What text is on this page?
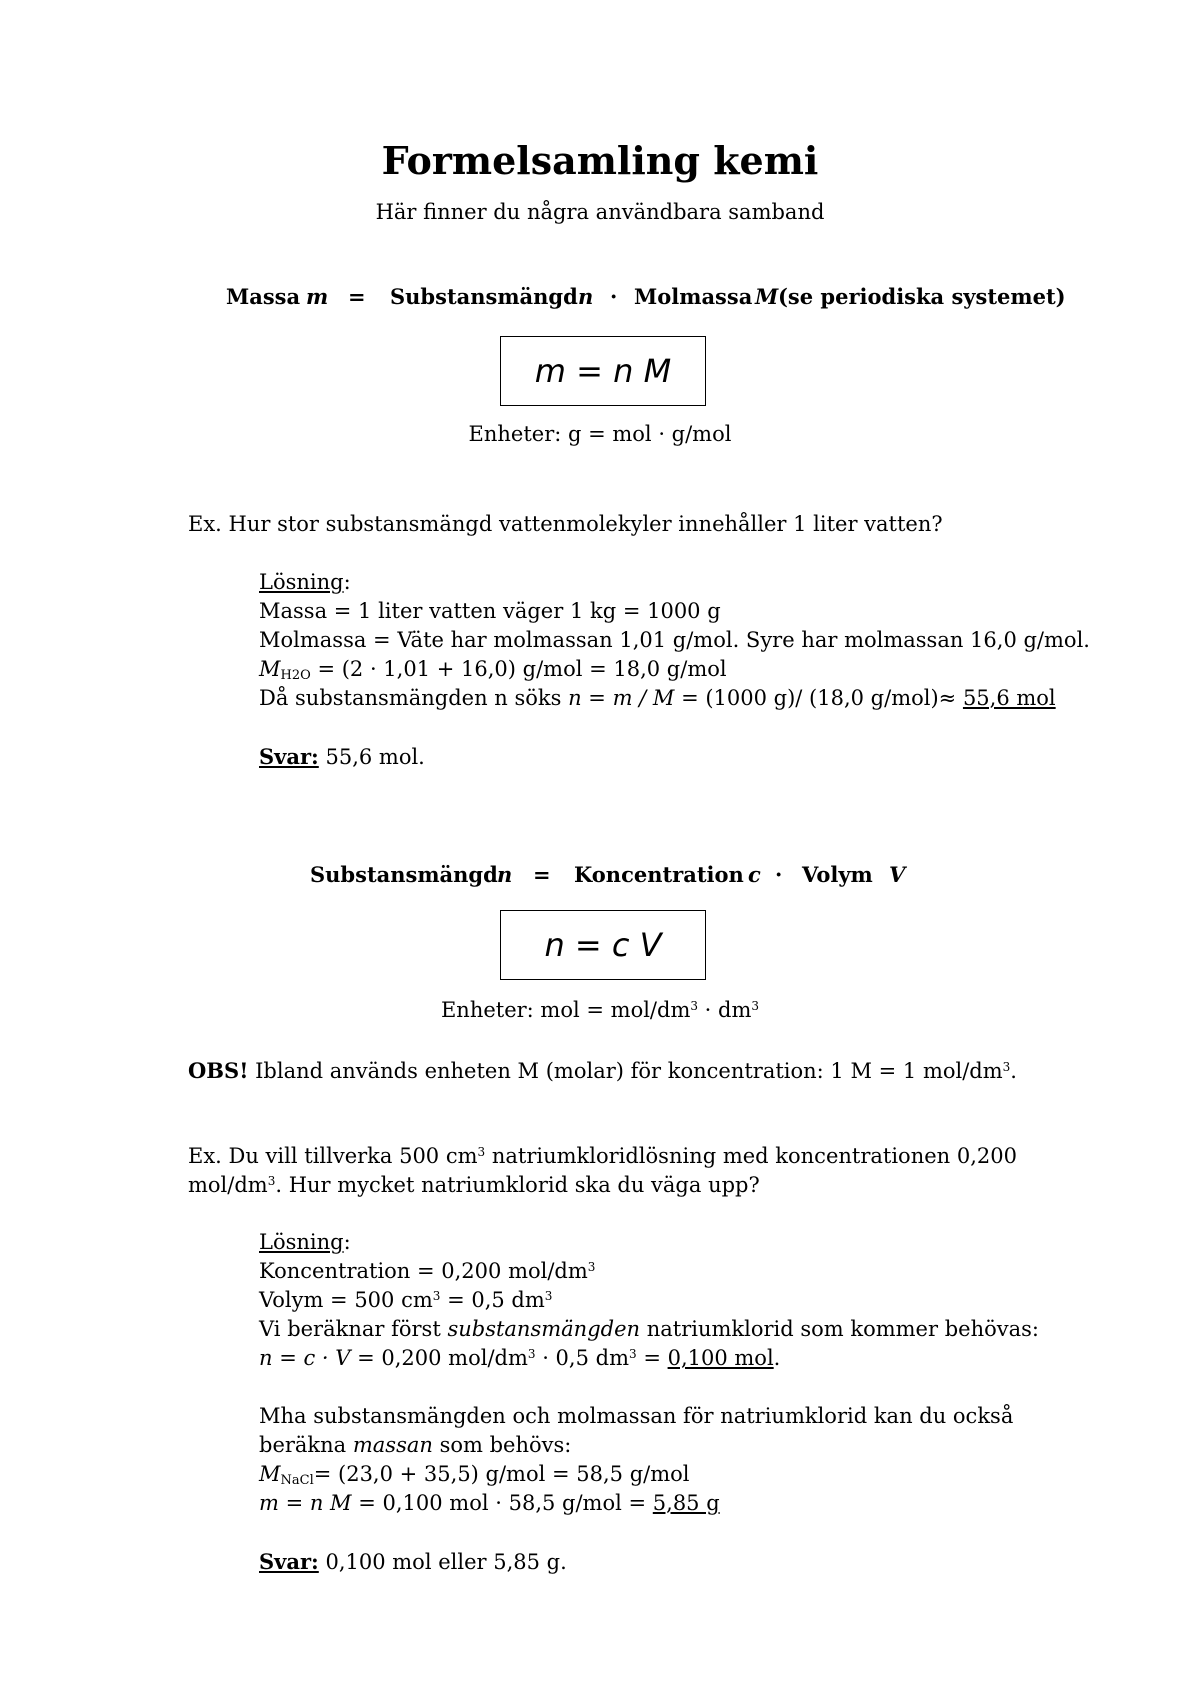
Formelsamling kemi
Här finner du några användbara samband
Massa m = Substansmängd n · Molmassa M (se periodiska systemet)
m = n M
Enheter: g = mol · g/mol
Ex. Hur stor substansmängd vattenmolekyler innehåller 1 liter vatten?
Lösning:
Massa = 1 liter vatten väger 1 kg = 1000 g
Molmassa = Väte har molmassan 1,01 g/mol. Syre har molmassan 16,0 g/mol.
$M_{H2O} = (2 \cdot 1,01 + 16,0) g/mol = 18,0$ g/mol
Då substansmängden n söks n = m / M = (1000 g)/ (18,0 g/mol)≈ 55,6 mol
Svar: 55,6 mol.
Substansmängd n = Koncentration c · Volym V
n = c V
Enheter: mol = mol/$dm^3 \cdot dm^3$
OBS! Ibland används enheten M (molar) för koncentration: 1 M = 1 mol/$dm^3$.
Ex. Du vill tillverka 500 $cm^3$ natriumkloridlösning med koncentrationen 0,200
mol/$dm^3$. Hur mycket natriumklorid ska du väga upp?
Lösning:
Koncentration = 0,200 mol/$dm^3$
Volym = 500 $cm^3 = 0,5$ $dm^3$
Vi beräknar först substansmängden natriumklorid som kommer behövas:
n = c · V = 0,200 mol/$dm^3 \cdot 0,5$ $dm^3 = 0,100$ mol.
Mha substansmängden och molmassan för natriumklorid kan du också
beräkna massan som behövs:
$M_{NaCl}= (23,0 + 35,5) g/mol = 58,5$ g/mol
m = n M = 0,100 mol · 58,5 g/mol = 5,85 g
Svar: 0,100 mol eller 5,85 g.
